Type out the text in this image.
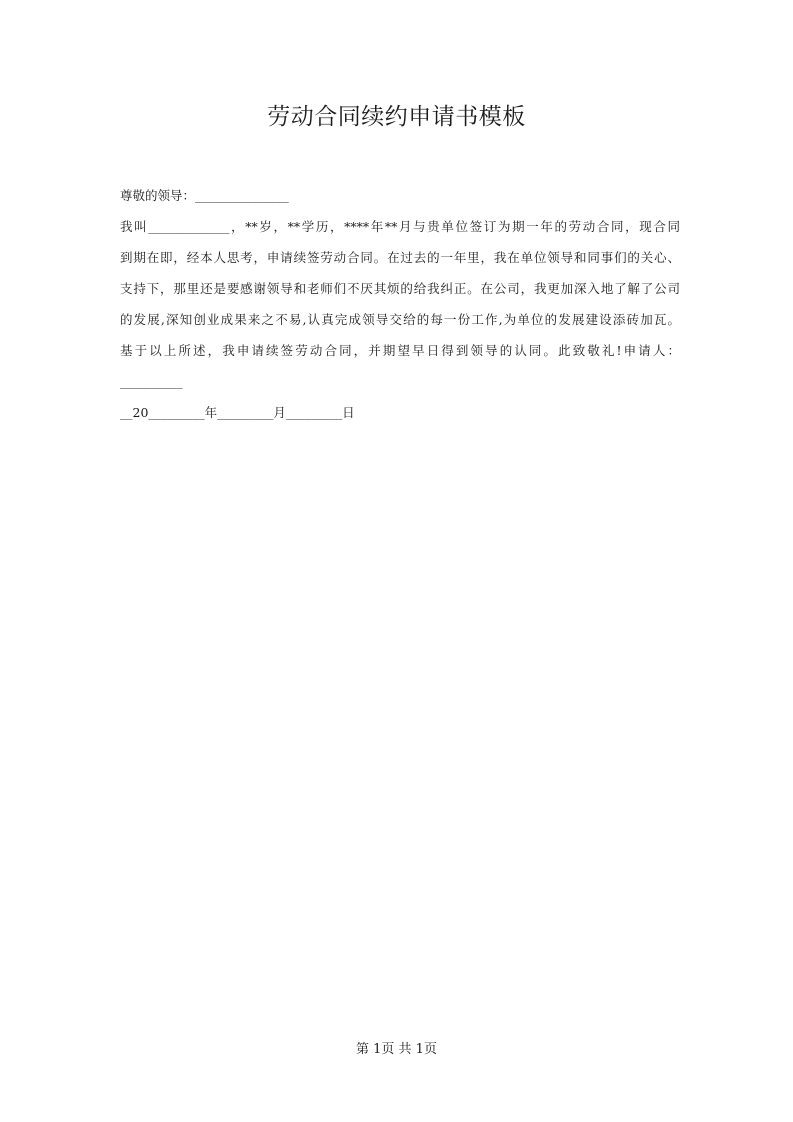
劳动合同续约申请书模板
尊敬的领导：_______________
我叫_____________，**岁，**学历，****年**月与贵单位签订为期一年的劳动合同，现合同
到期在即，经本人思考，申请续签劳动合同。在过去的一年里，我在单位领导和同事们的关心、
支持下，那里还是要感谢领导和老师们不厌其烦的给我纠正。在公司，我更加深入地了解了公司
的发展,深知创业成果来之不易,认真完成领导交给的每一份工作,为单位的发展建设添砖加瓦。
基于以上所述，我申请续签劳动合同，并期望早日得到领导的认同。此致敬礼!申请人：
__________
__20_________年_________月_________日
第 1页 共 1页
